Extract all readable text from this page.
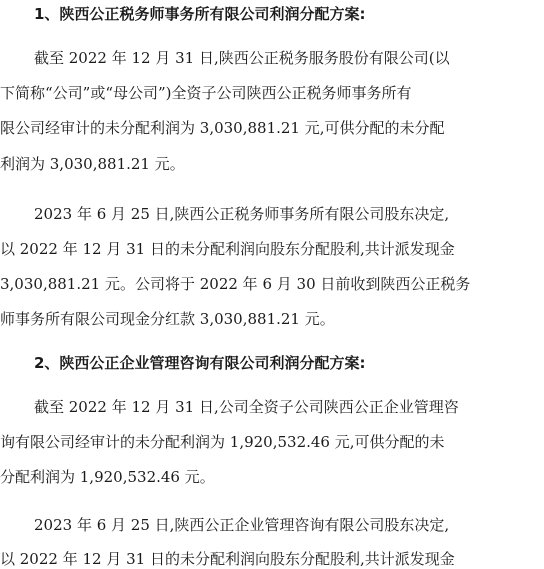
1、陕西公正税务师事务所有限公司利润分配方案:
截至 2022 年 12 月 31 日,陕西公正税务服务股份有限公司(以
下简称“公司”或“母公司”)全资子公司陕西公正税务师事务所有
限公司经审计的未分配利润为 3,030,881.21 元,可供分配的未分配
利润为 3,030,881.21 元。
2023 年 6 月 25 日,陕西公正税务师事务所有限公司股东决定,
以 2022 年 12 月 31 日的未分配利润向股东分配股利,共计派发现金
3,030,881.21 元。公司将于 2022 年 6 月 30 日前收到陕西公正税务
师事务所有限公司现金分红款 3,030,881.21 元。
2、陕西公正企业管理咨询有限公司利润分配方案:
截至 2022 年 12 月 31 日,公司全资子公司陕西公正企业管理咨
询有限公司经审计的未分配利润为 1,920,532.46 元,可供分配的未
分配利润为 1,920,532.46 元。
2023 年 6 月 25 日,陕西公正企业管理咨询有限公司股东决定,
以 2022 年 12 月 31 日的未分配利润向股东分配股利,共计派发现金
